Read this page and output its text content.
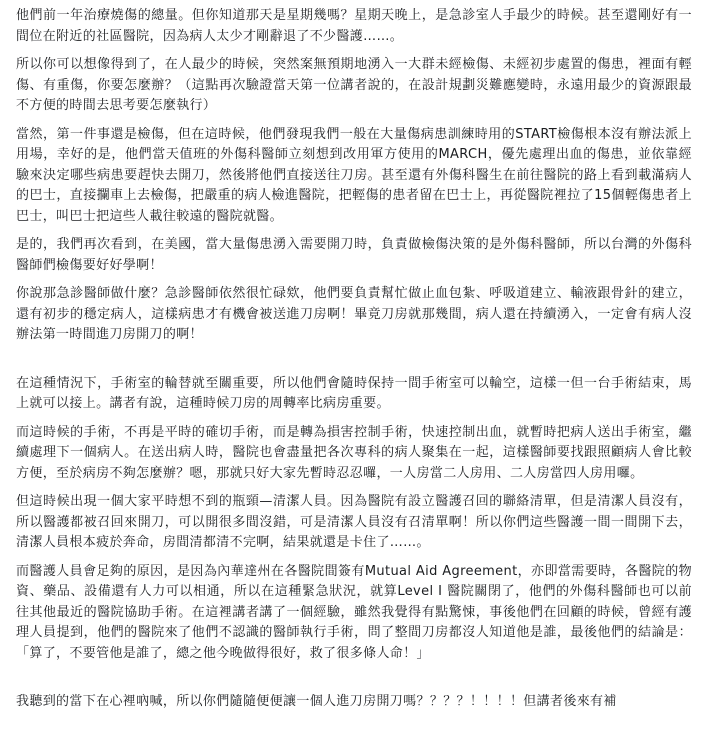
他們前一年治療燒傷的總量。但你知道那天是星期幾嗎？星期天晚上，是急診室人手最少的時候。甚至還剛好有一間位在附近的社區醫院，因為病人太少才剛辭退了不少醫護……。

所以你可以想像得到了，在人最少的時候，突然案無預期地湧入一大群未經檢傷、未經初步處置的傷患，裡面有輕傷、有重傷，你要怎麼辦？（這點再次驗證當天第一位講者說的，在設計規劃災難應變時，永遠用最少的資源跟最不方便的時間去思考要怎麼執行）

當然，第一件事還是檢傷，但在這時候，他們發現我們一般在大量傷病患訓練時用的START檢傷根本沒有辦法派上用場，幸好的是，他們當天值班的外傷科醫師立刻想到改用軍方使用的MARCH，優先處理出血的傷患，並依靠經驗來決定哪些病患要趕快去開刀，然後將他們直接送往刀房。甚至還有外傷科醫生在前往醫院的路上看到載滿病人的巴士，直接攔車上去檢傷，把嚴重的病人檢進醫院，把輕傷的患者留在巴士上，再從醫院裡拉了15個輕傷患者上巴士，叫巴士把這些人載往較遠的醫院就醫。

是的，我們再次看到，在美國，當大量傷患湧入需要開刀時，負責做檢傷決策的是外傷科醫師，所以台灣的外傷科醫師們檢傷要好好學啊！

你說那急診醫師做什麼？急診醫師依然很忙碌欸，他們要負責幫忙做止血包紮、呼吸道建立、輸液跟骨針的建立，還有初步的穩定病人，這樣病患才有機會被送進刀房啊！畢竟刀房就那幾間，病人還在持續湧入，一定會有病人沒辦法第一時間進刀房開刀的啊！

在這種情況下，手術室的輪替就至關重要，所以他們會隨時保持一間手術室可以輪空，這樣一但一台手術結束，馬上就可以接上。講者有說，這種時候刀房的周轉率比病房重要。

而這時候的手術，不再是平時的確切手術，而是轉為損害控制手術，快速控制出血，就暫時把病人送出手術室，繼續處理下一個病人。在送出病人時，醫院也會盡量把各次專科的病人聚集在一起，這樣醫師要找跟照顧病人會比較方便，至於病房不夠怎麼辦？嗯，那就只好大家先暫時忍忍囉，一人房當二人房用、二人房當四人房用囉。

但這時候出現一個大家平時想不到的瓶頸—清潔人員。因為醫院有設立醫護召回的聯絡清單，但是清潔人員沒有，所以醫護都被召回來開刀，可以開很多間沒錯，可是清潔人員沒有召清單啊！所以你們這些醫護一間一間開下去，清潔人員根本疲於奔命，房間清都清不完啊，結果就還是卡住了……。

而醫護人員會足夠的原因，是因為內華達州在各醫院間簽有Mutual Aid Agreement，亦即當需要時，各醫院的物資、藥品、設備還有人力可以相通，所以在這種緊急狀況，就算Level I 醫院關閉了，他們的外傷科醫師也可以前往其他最近的醫院協助手術。在這裡講者講了一個經驗，雖然我覺得有點驚悚，事後他們在回顧的時候，曾經有護理人員提到，他們的醫院來了他們不認識的醫師執行手術，問了整間刀房都沒人知道他是誰，最後他們的結論是：「算了，不要管他是誰了，總之他今晚做得很好，救了很多條人命！」

我聽到的當下在心裡吶喊，所以你們隨隨便便讓一個人進刀房開刀嗎？？？？！！！！但講者後來有補
